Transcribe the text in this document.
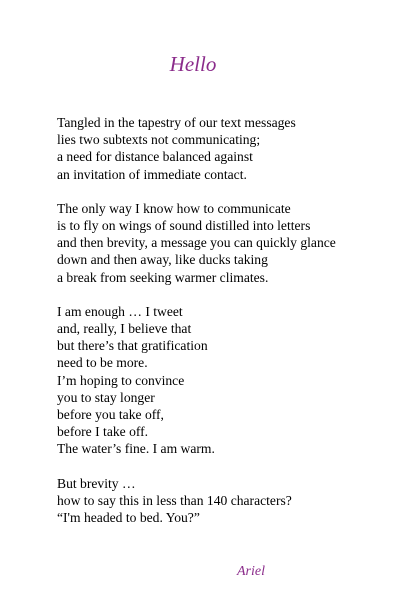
Hello
Tangled in the tapestry of our text messages
lies two subtexts not communicating;
a need for distance balanced against
an invitation of immediate contact.
The only way I know how to communicate
is to fly on wings of sound distilled into letters
and then brevity, a message you can quickly glance
down and then away, like ducks taking
a break from seeking warmer climates.
I am enough … I tweet
and, really, I believe that
but there’s that gratification
need to be more.
I’m hoping to convince
you to stay longer
before you take off,
before I take off.
The water’s fine. I am warm.
But brevity …
how to say this in less than 140 characters?
“I'm headed to bed. You?”
Ariel
